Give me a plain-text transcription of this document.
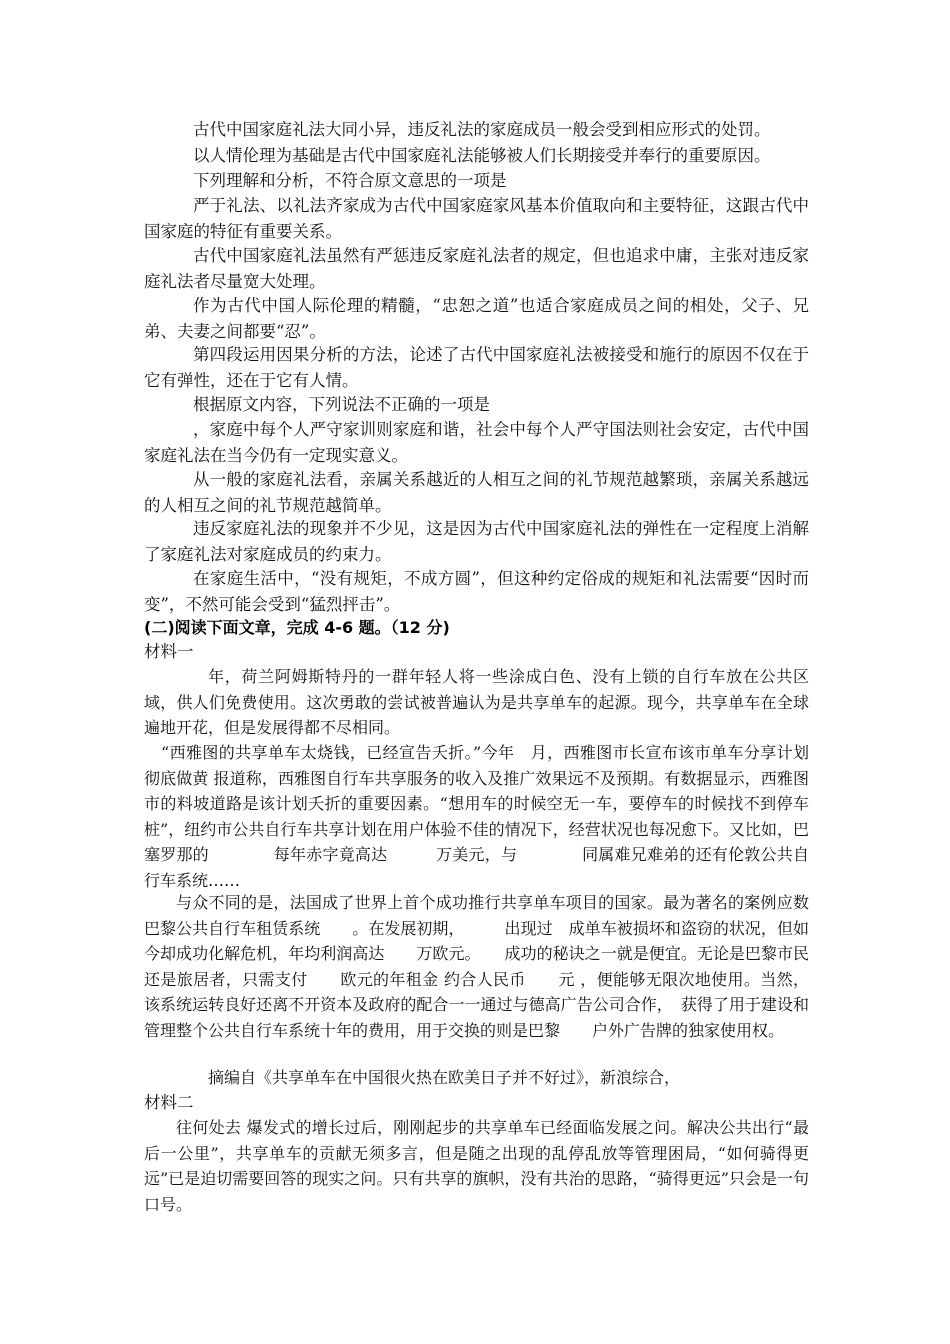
古代中国家庭礼法大同小异，违反礼法的家庭成员一般会受到相应形式的处罚。

以人情伦理为基础是古代中国家庭礼法能够被人们长期接受并奉行的重要原因。

下列理解和分析，不符合原文意思的一项是

严于礼法、以礼法齐家成为古代中国家庭家风基本价值取向和主要特征，这跟古代中国家庭的特征有重要关系。

古代中国家庭礼法虽然有严惩违反家庭礼法者的规定，但也追求中庸，主张对违反家庭礼法者尽量宽大处理。

作为古代中国人际伦理的精髓，“忠恕之道”也适合家庭成员之间的相处，父子、兄弟、夫妻之间都要“忍”。

第四段运用因果分析的方法，论述了古代中国家庭礼法被接受和施行的原因不仅在于它有弹性，还在于它有人情。

根据原文内容，下列说法不正确的一项是

，家庭中每个人严守家训则家庭和谐，社会中每个人严守国法则社会安定，古代中国家庭礼法在当今仍有一定现实意义。

从一般的家庭礼法看，亲属关系越近的人相互之间的礼节规范越繁琐，亲属关系越远的人相互之间的礼节规范越简单。

违反家庭礼法的现象并不少见，这是因为古代中国家庭礼法的弹性在一定程度上消解了家庭礼法对家庭成员的约束力。

在家庭生活中，“没有规矩，不成方圆”，但这种约定俗成的规矩和礼法需要“因时而变”，不然可能会受到“猛烈抨击”。

(二)阅读下面文章，完成 4-6 题。（12 分)

材料一

年，荷兰阿姆斯特丹的一群年轻人将一些涂成白色、没有上锁的自行车放在公共区域，供人们免费使用。这次勇敢的尝试被普遍认为是共享单车的起源。现今，共享单车在全球遍地开花，但是发展得都不尽相同。

“西雅图的共享单车太烧钱，已经宣告夭折。”今年　月，西雅图市长宣布该市单车分享计划彻底做黄 报道称，西雅图自行车共享服务的收入及推广效果远不及预期。有数据显示，西雅图市的料坡道路是该计划夭折的重要因素。“想用车的时候空无一车，要停车的时候找不到停车桩”，纽约市公共自行车共享计划在用户体验不佳的情况下，经营状况也每况愈下。又比如，巴塞罗那的　　　　每年赤字竟高达　　　万美元，与　　　　同属难兄难弟的还有伦敦公共自行车系统……

与众不同的是，法国成了世界上首个成功推行共享单车项目的国家。最为著名的案例应数巴黎公共自行车租赁系统　　。在发展初期，　　　出现过　成单车被损坏和盗窃的状况，但如今却成功化解危机，年均利润高达　　万欧元。　　成功的秘诀之一就是便宜。无论是巴黎市民还是旅居者，只需支付　　欧元的年租金 约合人民币　　元 ，便能够无限次地使用。当然，该系统运转良好还离不开资本及政府的配合一一通过与德高广告公司合作，　获得了用于建设和管理整个公共自行车系统十年的费用，用于交换的则是巴黎　　户外广告牌的独家使用权。

摘编自《共享单车在中国很火热在欧美日子并不好过》，新浪综合，

材料二

往何处去 爆发式的增长过后，刚刚起步的共享单车已经面临发展之问。解决公共出行“最后一公里”，共享单车的贡献无须多言，但是随之出现的乱停乱放等管理困局，“如何骑得更远”已是迫切需要回答的现实之问。只有共享的旗帜，没有共治的思路，“骑得更远”只会是一句口号。
